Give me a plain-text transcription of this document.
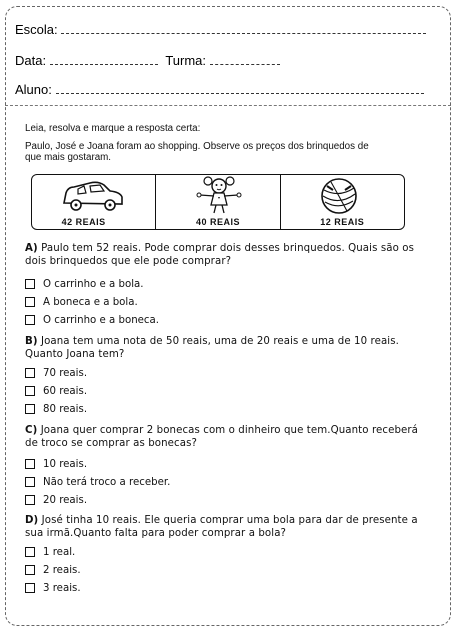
Escola:
Data:	Turma:
Aluno:
Leia, resolva e marque a resposta certa:
Paulo, José e Joana foram ao shopping. Observe os preços dos brinquedos de
que mais gostaram.
42 REAIS	40 REAIS	12 REAIS
A) Paulo tem 52 reais. Pode comprar dois desses brinquedos. Quais são os
dois brinquedos que ele pode comprar?
O carrinho e a bola.
A boneca e a bola.
O carrinho e a boneca.
B) Joana tem uma nota de 50 reais, uma de 20 reais e uma de 10 reais.
Quanto Joana tem?
70 reais.
60 reais.
80 reais.
C) Joana quer comprar 2 bonecas com o dinheiro que tem.Quanto receberá
de troco se comprar as bonecas?
10 reais.
Não terá troco a receber.
20 reais.
D) José tinha 10 reais. Ele queria comprar uma bola para dar de presente a
sua irmã.Quanto falta para poder comprar a bola?
1 real.
2 reais.
3 reais.
